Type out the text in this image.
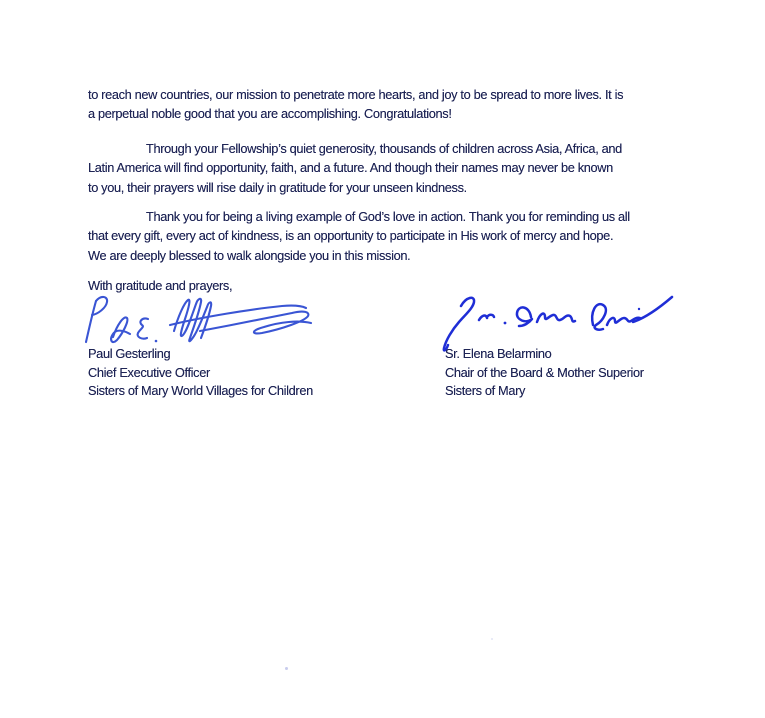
to reach new countries, our mission to penetrate more hearts, and joy to be spread to more lives. It is
a perpetual noble good that you are accomplishing. Congratulations!
Through your Fellowship’s quiet generosity, thousands of children across Asia, Africa, and
Latin America will find opportunity, faith, and a future. And though their names may never be known
to you, their prayers will rise daily in gratitude for your unseen kindness.
Thank you for being a living example of God’s love in action. Thank you for reminding us all
that every gift, every act of kindness, is an opportunity to participate in His work of mercy and hope.
We are deeply blessed to walk alongside you in this mission.
With gratitude and prayers,
Paul Gesterling
Chief Executive Officer
Sisters of Mary World Villages for Children
Sr. Elena Belarmino
Chair of the Board & Mother Superior
Sisters of Mary
